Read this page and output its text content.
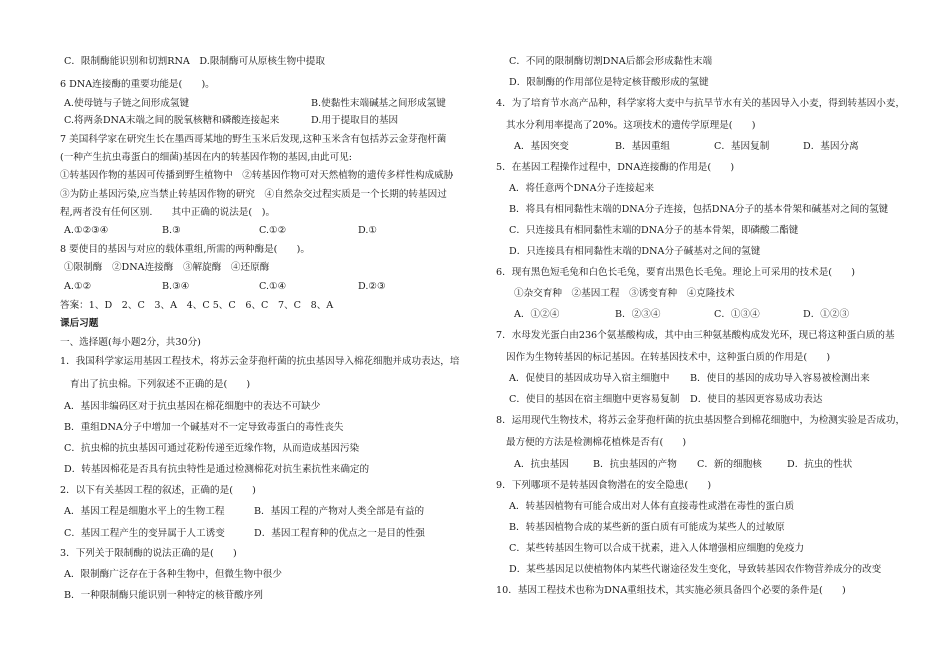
C．限制酶能识别和切割RNA　D.限制酶可从原核生物中提取
6 DNA连接酶的重要功能是(　　)。
A.使母链与子链之间形成氢键	B.使黏性末端碱基之间形成氢键
C.将两条DNA末端之间的脱氧核糖和磷酸连接起来	D.用于提取目的基因
7 美国科学家在研究生长在墨西哥某地的野生玉米后发现,这种玉米含有包括苏云金芽孢杆菌
(一种产生抗虫毒蛋白的细菌)基因在内的转基因作物的基因,由此可见:
①转基因作物的基因可传播到野生植物中　②转基因作物可对天然植物的遗传多样性构成威胁
③为防止基因污染,应当禁止转基因作物的研究　④自然杂交过程实质是一个长期的转基因过
程,两者没有任何区别.　　其中正确的说法是(　)。
A.①②③④	B.③	C.①②	D.①
8 要使目的基因与对应的载体重组,所需的两种酶是(　　)。
①限制酶　②DNA连接酶　③解旋酶　④还原酶
A.①②	B.③④	C.①④	D.②③
答案：1、D　2、C　3、A　4、C 5、C　6、C　7、C　8、A
课后习题
一、选择题(每小题2分，共30分)
1．我国科学家运用基因工程技术，将苏云金芽孢杆菌的抗虫基因导入棉花细胞并成功表达，培
育出了抗虫棉。下列叙述不正确的是(　　)
A．基因非编码区对于抗虫基因在棉花细胞中的表达不可缺少
B．重组DNA分子中增加一个碱基对不一定导致毒蛋白的毒性丧失
C．抗虫棉的抗虫基因可通过花粉传递至近缘作物，从而造成基因污染
D．转基因棉花是否具有抗虫特性是通过检测棉花对抗生素抗性来确定的
2．以下有关基因工程的叙述，正确的是(　　)
A．基因工程是细胞水平上的生物工程	B．基因工程的产物对人类全部是有益的
C．基因工程产生的变异属于人工诱变	D．基因工程育种的优点之一是目的性强
3．下列关于限制酶的说法正确的是(　　)
A．限制酶广泛存在于各种生物中，但微生物中很少
B．一种限制酶只能识别一种特定的核苷酸序列
C．不同的限制酶切割DNA后都会形成黏性末端
D．限制酶的作用部位是特定核苷酸形成的氢键
4．为了培育节水高产品种，科学家将大麦中与抗旱节水有关的基因导入小麦，得到转基因小麦，
其水分利用率提高了20%。这项技术的遗传学原理是(　　)
A．基因突变	B．基因重组	C．基因复制	D．基因分离
5．在基因工程操作过程中，DNA连接酶的作用是(　　)
A．将任意两个DNA分子连接起来
B．将具有相同黏性末端的DNA分子连接，包括DNA分子的基本骨架和碱基对之间的氢键
C．只连接具有相同黏性末端的DNA分子的基本骨架，即磷酸二酯键
D．只连接具有相同黏性末端的DNA分子碱基对之间的氢键
6．现有黑色短毛兔和白色长毛兔，要育出黑色长毛兔。理论上可采用的技术是(　　)
①杂交育种　②基因工程　③诱变育种　④克隆技术
A．①②④	B．②③④	C．①③④	D．①②③
7．水母发光蛋白由236个氨基酸构成，其中由三种氨基酸构成发光环，现已将这种蛋白质的基
因作为生物转基因的标记基因。在转基因技术中，这种蛋白质的作用是(　　)
A．促使目的基因成功导入宿主细胞中 B．使目的基因的成功导入容易被检测出来
C．使目的基因在宿主细胞中更容易复制 D．使目的基因更容易成功表达
8．运用现代生物技术，将苏云金芽孢杆菌的抗虫基因整合到棉花细胞中，为检测实验是否成功，
最方便的方法是检测棉花植株是否有(　　)
A．抗虫基因	B．抗虫基因的产物 C．新的细胞核	D．抗虫的性状
9．下列哪项不是转基因食物潜在的安全隐患(　　)
A．转基因植物有可能合成出对人体有直接毒性或潜在毒性的蛋白质
B．转基因植物合成的某些新的蛋白质有可能成为某些人的过敏原
C．某些转基因生物可以合成干扰素，进入人体增强相应细胞的免疫力
D．某些基因足以使植物体内某些代谢途径发生变化，导致转基因农作物营养成分的改变
10．基因工程技术也称为DNA重组技术，其实施必须具备四个必要的条件是(　　)
